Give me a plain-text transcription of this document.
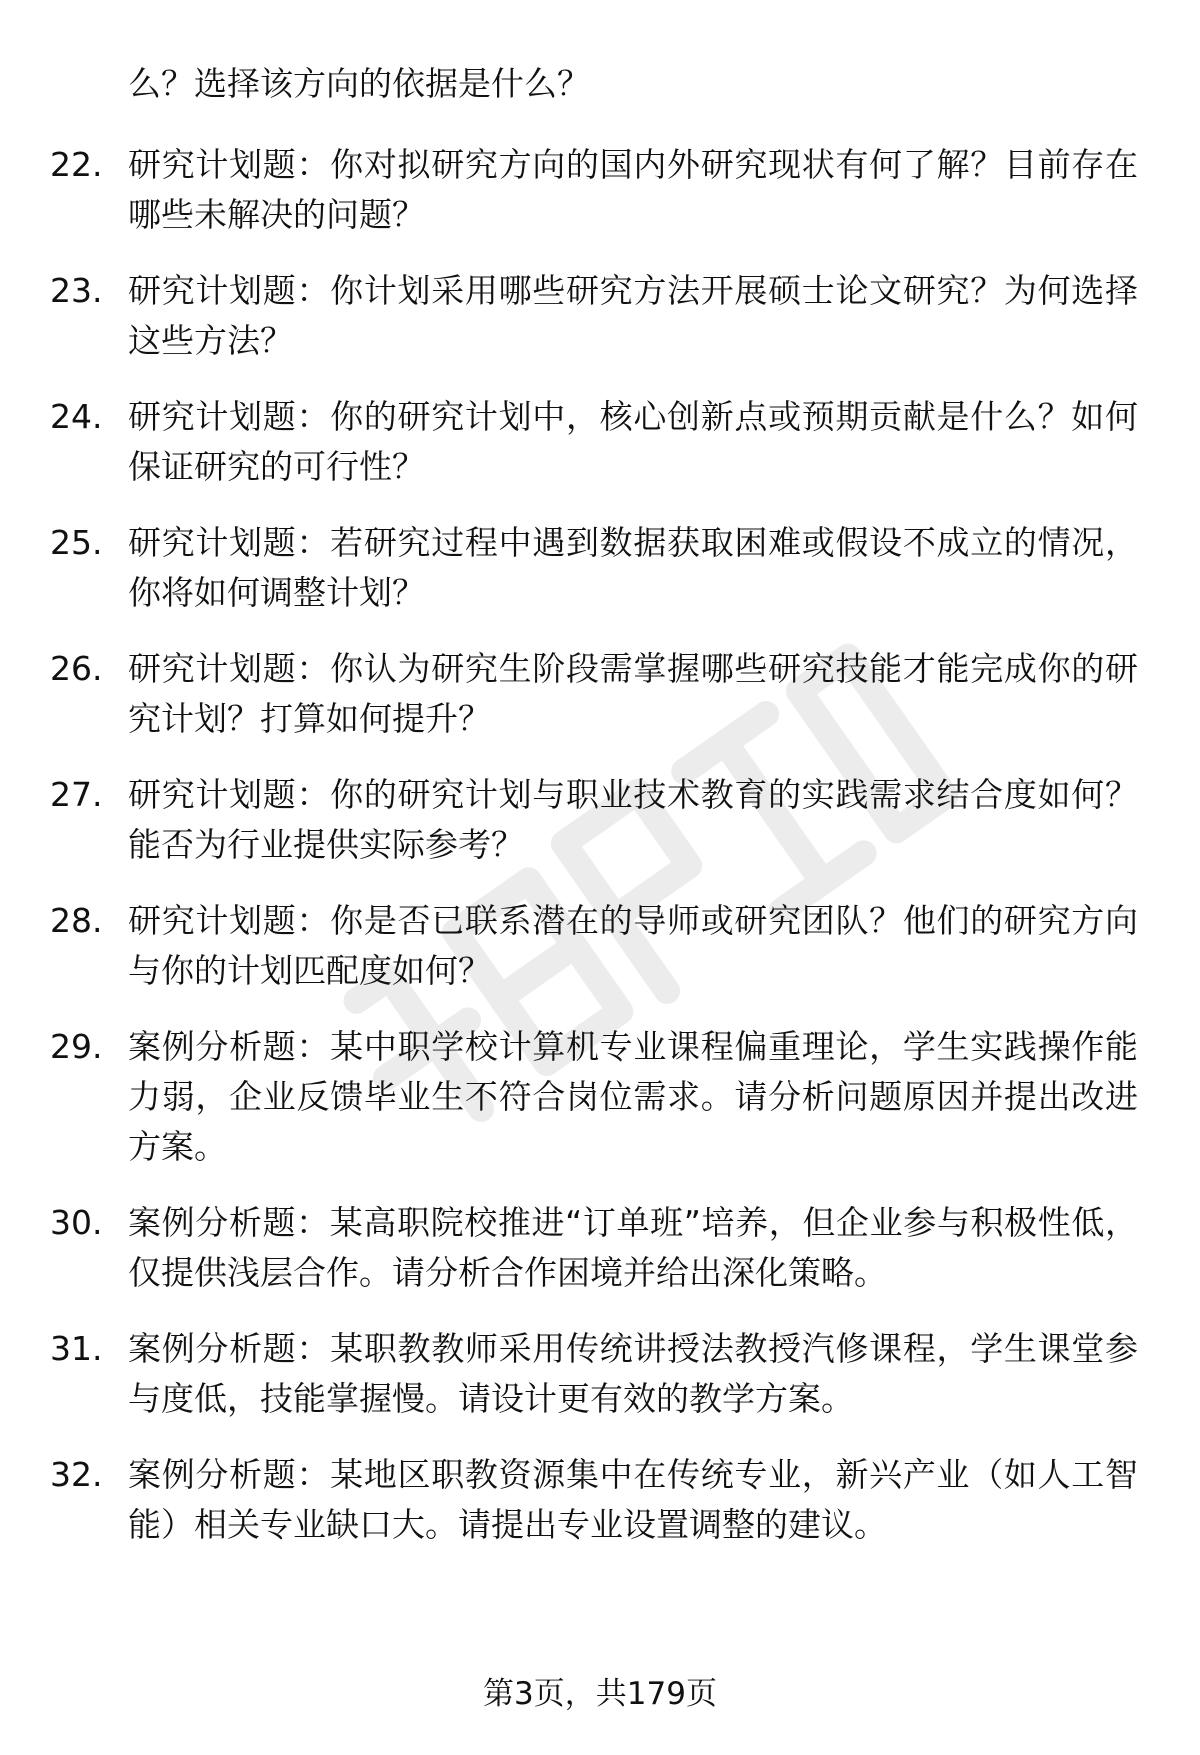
么？选择该方向的依据是什么？
22. 研究计划题：你对拟研究方向的国内外研究现状有何了解？目前存在哪些未解决的问题？
23. 研究计划题：你计划采用哪些研究方法开展硕士论文研究？为何选择这些方法？
24. 研究计划题：你的研究计划中，核心创新点或预期贡献是什么？如何保证研究的可行性？
25. 研究计划题：若研究过程中遇到数据获取困难或假设不成立的情况，你将如何调整计划？
26. 研究计划题：你认为研究生阶段需掌握哪些研究技能才能完成你的研究计划？打算如何提升？
27. 研究计划题：你的研究计划与职业技术教育的实践需求结合度如何？能否为行业提供实际参考？
28. 研究计划题：你是否已联系潜在的导师或研究团队？他们的研究方向与你的计划匹配度如何？
29. 案例分析题：某中职学校计算机专业课程偏重理论，学生实践操作能力弱，企业反馈毕业生不符合岗位需求。请分析问题原因并提出改进方案。
30. 案例分析题：某高职院校推进“订单班”培养，但企业参与积极性低，仅提供浅层合作。请分析合作困境并给出深化策略。
31. 案例分析题：某职教教师采用传统讲授法教授汽修课程，学生课堂参与度低，技能掌握慢。请设计更有效的教学方案。
32. 案例分析题：某地区职教资源集中在传统专业，新兴产业（如人工智能）相关专业缺口大。请提出专业设置调整的建议。
第3页，共179页
